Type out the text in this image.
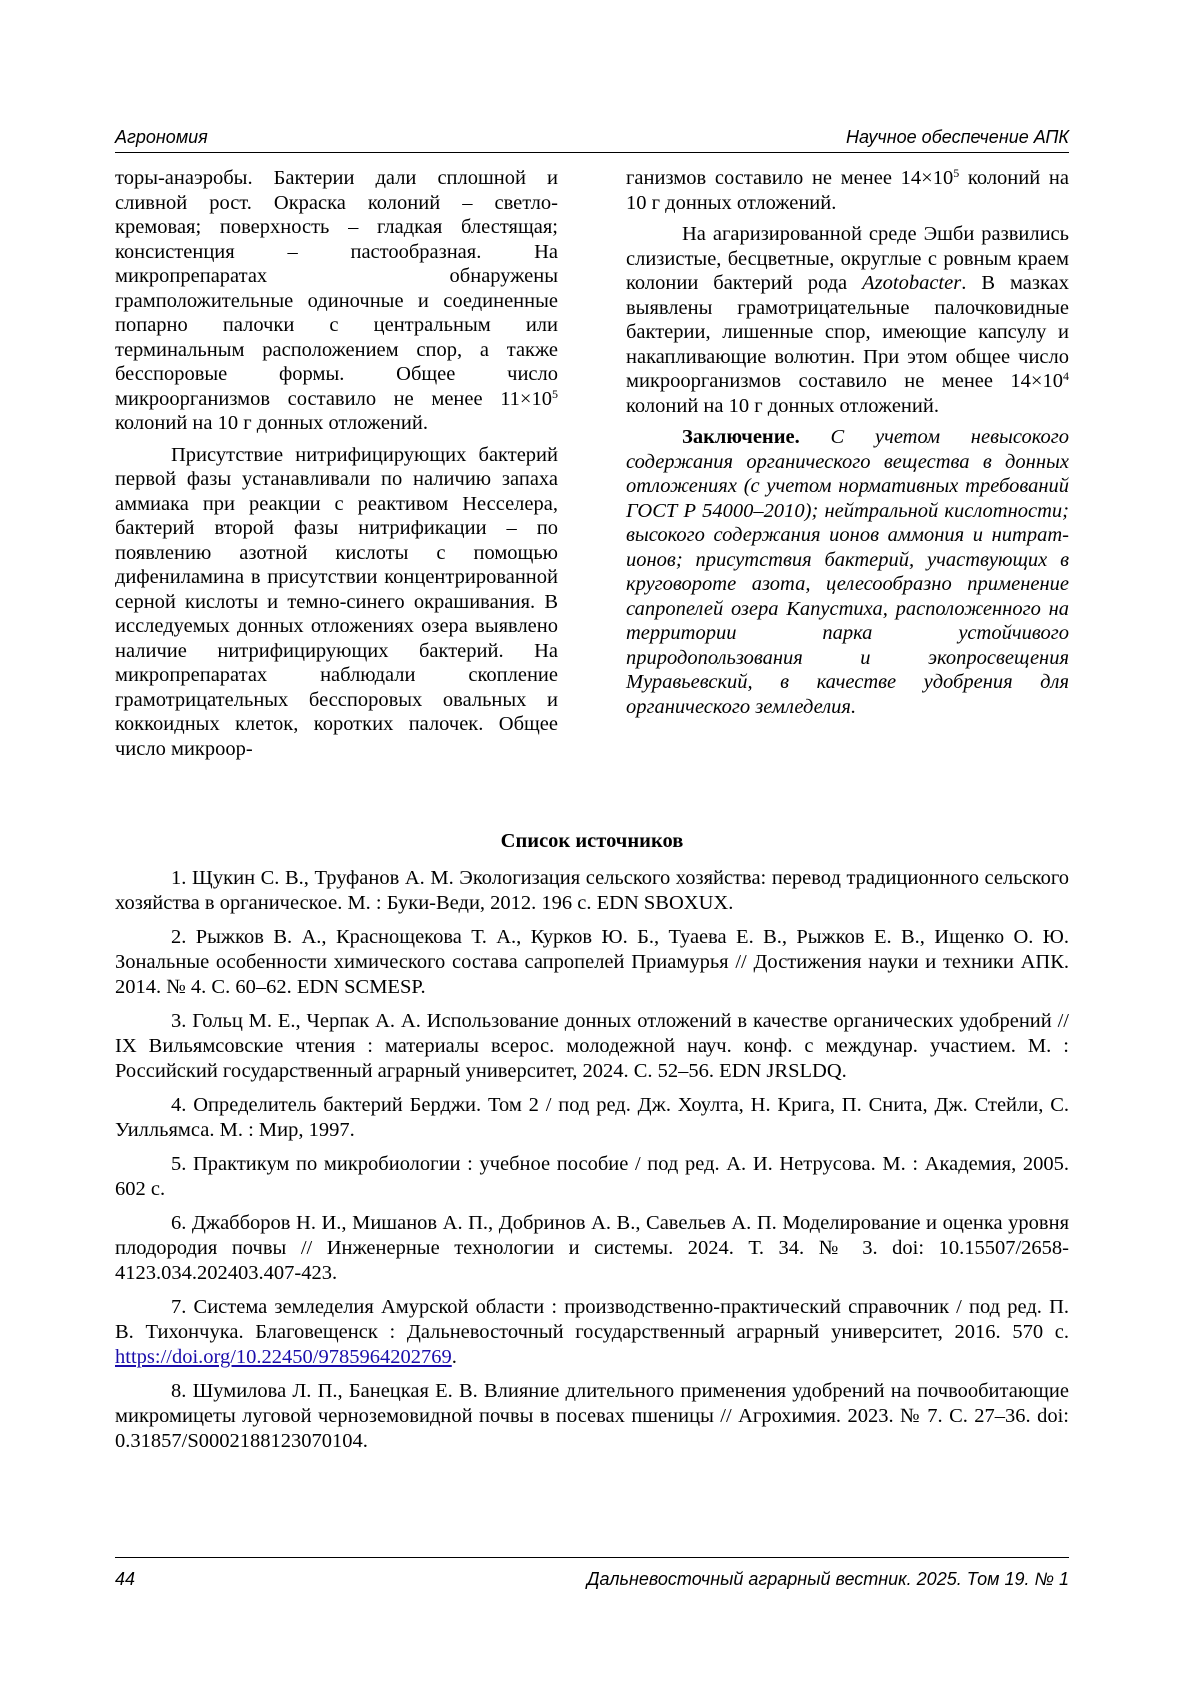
Агрономия	Научное обеспечение АПК

торы-анаэробы. Бактерии дали сплошной и сливной рост. Окраска колоний – светло-кремовая; поверхность – гладкая блестящая; консистенция – пастообразная. На микропрепаратах обнаружены грамположительные одиночные и соединенные попарно палочки с центральным или терминальным расположением спор, а также бесспоровые формы. Общее число микроорганизмов составило не менее $11\times 10^5$ колоний на 10 г донных отложений.

Присутствие нитрифицирующих бактерий первой фазы устанавливали по наличию запаха аммиака при реакции с реактивом Несселера, бактерий второй фазы нитрификации – по появлению азотной кислоты с помощью дифениламина в присутствии концентрированной серной кислоты и темно-синего окрашивания. В исследуемых донных отложениях озера выявлено наличие нитрифицирующих бактерий. На микропрепаратах наблюдали скопление грамотрицательных бесспоровых овальных и коккоидных клеток, коротких палочек. Общее число микроор-

ганизмов составило не менее $14\times 10^5$ колоний на 10 г донных отложений.

На агаризированной среде Эшби развились слизистые, бесцветные, округлые с ровным краем колонии бактерий рода Azotobacter. В мазках выявлены грамотрицательные палочковидные бактерии, лишенные спор, имеющие капсулу и накапливающие волютин. При этом общее число микроорганизмов составило не менее $14\times 10^4$ колоний на 10 г донных отложений.

Заключение. С учетом невысокого содержания органического вещества в донных отложениях (с учетом нормативных требований ГОСТ Р 54000–2010); нейтральной кислотности; высокого содержания ионов аммония и нитрат-ионов; присутствия бактерий, участвующих в круговороте азота, целесообразно применение сапропелей озера Капустиха, расположенного на территории парка устойчивого природопользования и экопросвещения Муравьевский, в качестве удобрения для органического земледелия.

Список источников

1. Щукин С. В., Труфанов А. М. Экологизация сельского хозяйства: перевод традиционного сельского хозяйства в органическое. М. : Буки-Веди, 2012. 196 с. EDN SBOXUX.

2. Рыжков В. А., Краснощекова Т. А., Курков Ю. Б., Туаева Е. В., Рыжков Е. В., Ищенко О. Ю. Зональные особенности химического состава сапропелей Приамурья // Достижения науки и техники АПК. 2014. № 4. С. 60–62. EDN SCMESP.

3. Гольц М. Е., Черпак А. А. Использование донных отложений в качестве органических удобрений // IX Вильямсовские чтения : материалы всерос. молодежной науч. конф. с междунар. участием. М. : Российский государственный аграрный университет, 2024. С. 52–56. EDN JRSLDQ.

4. Определитель бактерий Берджи. Том 2 / под ред. Дж. Хоулта, Н. Крига, П. Снита, Дж. Стейли, С. Уилльямса. М. : Мир, 1997.

5. Практикум по микробиологии : учебное пособие / под ред. А. И. Нетрусова. М. : Академия, 2005. 602 с.

6. Джабборов Н. И., Мишанов А. П., Добринов А. В., Савельев А. П. Моделирование и оценка уровня плодородия почвы // Инженерные технологии и системы. 2024. Т. 34. № 3. doi: 10.15507/2658-4123.034.202403.407-423.

7. Система земледелия Амурской области : производственно-практический справочник / под ред. П. В. Тихончука. Благовещенск : Дальневосточный государственный аграрный университет, 2016. 570 с. https://doi.org/10.22450/9785964202769.

8. Шумилова Л. П., Банецкая Е. В. Влияние длительного применения удобрений на почвообитающие микромицеты луговой черноземовидной почвы в посевах пшеницы // Агрохимия. 2023. № 7. С. 27–36. doi: 0.31857/S0002188123070104.

44	Дальневосточный аграрный вестник. 2025. Том 19. № 1
